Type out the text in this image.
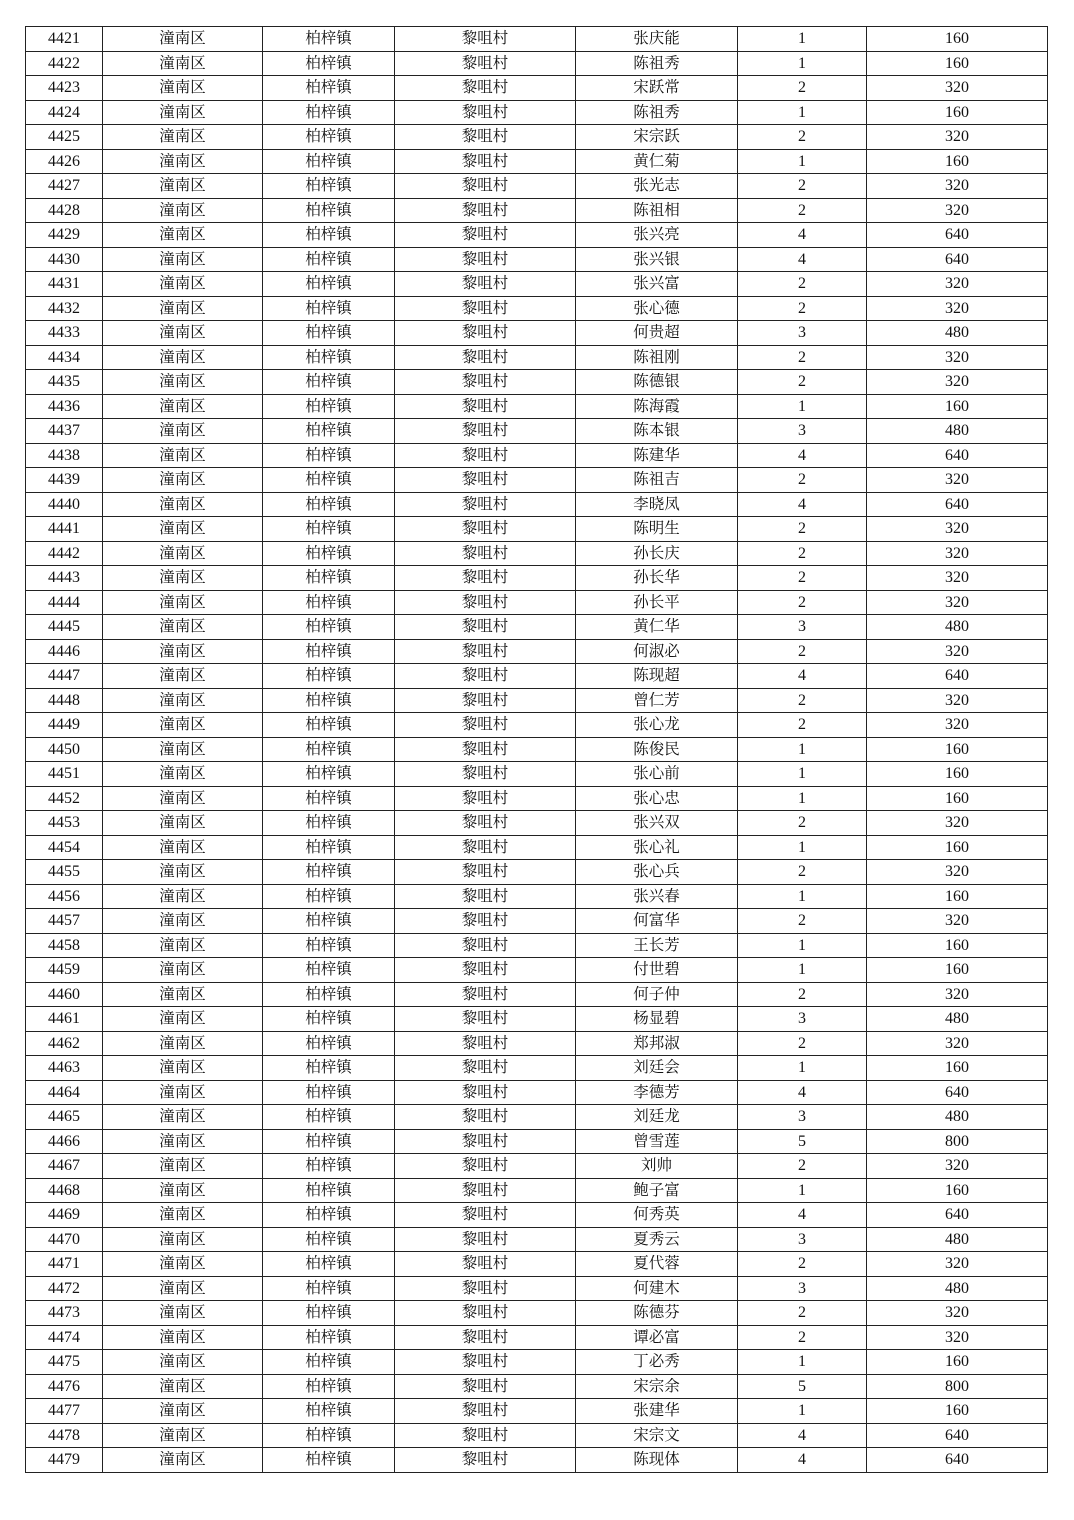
4421	潼南区	柏梓镇	黎咀村	张庆能	1	160
4422	潼南区	柏梓镇	黎咀村	陈祖秀	1	160
4423	潼南区	柏梓镇	黎咀村	宋跃常	2	320
4424	潼南区	柏梓镇	黎咀村	陈祖秀	1	160
4425	潼南区	柏梓镇	黎咀村	宋宗跃	2	320
4426	潼南区	柏梓镇	黎咀村	黄仁菊	1	160
4427	潼南区	柏梓镇	黎咀村	张光志	2	320
4428	潼南区	柏梓镇	黎咀村	陈祖相	2	320
4429	潼南区	柏梓镇	黎咀村	张兴亮	4	640
4430	潼南区	柏梓镇	黎咀村	张兴银	4	640
4431	潼南区	柏梓镇	黎咀村	张兴富	2	320
4432	潼南区	柏梓镇	黎咀村	张心德	2	320
4433	潼南区	柏梓镇	黎咀村	何贵超	3	480
4434	潼南区	柏梓镇	黎咀村	陈祖刚	2	320
4435	潼南区	柏梓镇	黎咀村	陈德银	2	320
4436	潼南区	柏梓镇	黎咀村	陈海霞	1	160
4437	潼南区	柏梓镇	黎咀村	陈本银	3	480
4438	潼南区	柏梓镇	黎咀村	陈建华	4	640
4439	潼南区	柏梓镇	黎咀村	陈祖吉	2	320
4440	潼南区	柏梓镇	黎咀村	李晓凤	4	640
4441	潼南区	柏梓镇	黎咀村	陈明生	2	320
4442	潼南区	柏梓镇	黎咀村	孙长庆	2	320
4443	潼南区	柏梓镇	黎咀村	孙长华	2	320
4444	潼南区	柏梓镇	黎咀村	孙长平	2	320
4445	潼南区	柏梓镇	黎咀村	黄仁华	3	480
4446	潼南区	柏梓镇	黎咀村	何淑必	2	320
4447	潼南区	柏梓镇	黎咀村	陈现超	4	640
4448	潼南区	柏梓镇	黎咀村	曾仁芳	2	320
4449	潼南区	柏梓镇	黎咀村	张心龙	2	320
4450	潼南区	柏梓镇	黎咀村	陈俊民	1	160
4451	潼南区	柏梓镇	黎咀村	张心前	1	160
4452	潼南区	柏梓镇	黎咀村	张心忠	1	160
4453	潼南区	柏梓镇	黎咀村	张兴双	2	320
4454	潼南区	柏梓镇	黎咀村	张心礼	1	160
4455	潼南区	柏梓镇	黎咀村	张心兵	2	320
4456	潼南区	柏梓镇	黎咀村	张兴春	1	160
4457	潼南区	柏梓镇	黎咀村	何富华	2	320
4458	潼南区	柏梓镇	黎咀村	王长芳	1	160
4459	潼南区	柏梓镇	黎咀村	付世碧	1	160
4460	潼南区	柏梓镇	黎咀村	何子仲	2	320
4461	潼南区	柏梓镇	黎咀村	杨显碧	3	480
4462	潼南区	柏梓镇	黎咀村	郑邦淑	2	320
4463	潼南区	柏梓镇	黎咀村	刘廷会	1	160
4464	潼南区	柏梓镇	黎咀村	李德芳	4	640
4465	潼南区	柏梓镇	黎咀村	刘廷龙	3	480
4466	潼南区	柏梓镇	黎咀村	曾雪莲	5	800
4467	潼南区	柏梓镇	黎咀村	刘帅	2	320
4468	潼南区	柏梓镇	黎咀村	鲍子富	1	160
4469	潼南区	柏梓镇	黎咀村	何秀英	4	640
4470	潼南区	柏梓镇	黎咀村	夏秀云	3	480
4471	潼南区	柏梓镇	黎咀村	夏代蓉	2	320
4472	潼南区	柏梓镇	黎咀村	何建木	3	480
4473	潼南区	柏梓镇	黎咀村	陈德芬	2	320
4474	潼南区	柏梓镇	黎咀村	谭必富	2	320
4475	潼南区	柏梓镇	黎咀村	丁必秀	1	160
4476	潼南区	柏梓镇	黎咀村	宋宗余	5	800
4477	潼南区	柏梓镇	黎咀村	张建华	1	160
4478	潼南区	柏梓镇	黎咀村	宋宗文	4	640
4479	潼南区	柏梓镇	黎咀村	陈现体	4	640
